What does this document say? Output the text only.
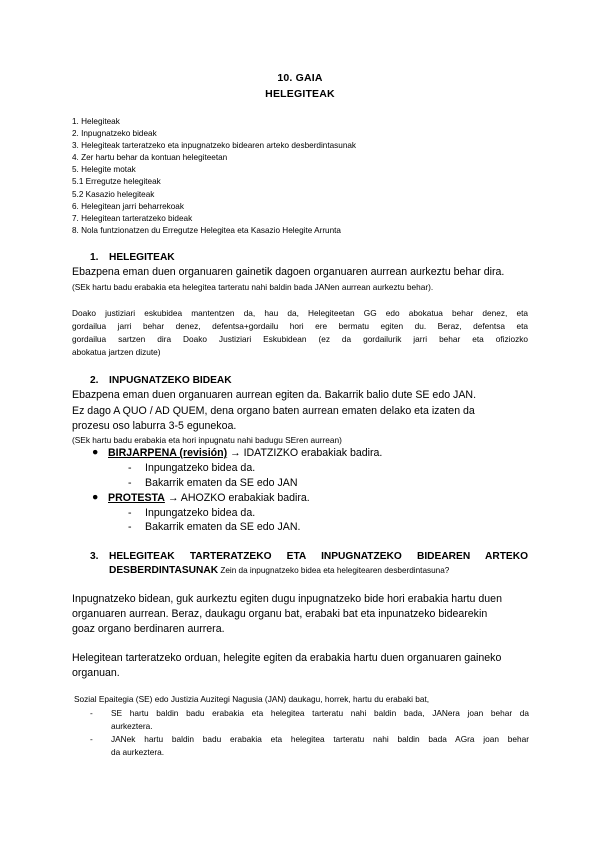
10. GAIA
HELEGITEAK
1. Helegiteak
2. Inpugnatzeko bideak
3. Helegiteak tarteratzeko eta inpugnatzeko bidearen arteko desberdintasunak
4. Zer hartu behar da kontuan helegiteetan
5. Helegite motak
5.1 Erregutze helegiteak
5.2 Kasazio helegiteak
6. Helegitean jarri beharrekoak
7. Helegitean tarteratzeko bideak
8. Nola funtzionatzen du Erregutze Helegitea eta Kasazio Helegite Arrunta
1. HELEGITEAK
Ebazpena eman duen organuaren gainetik dagoen organuaren aurrean aurkeztu behar dira.
(SEk hartu badu erabakia eta helegitea tarteratu nahi baldin bada JANen aurrean aurkeztu behar).
Doako justiziari eskubidea mantentzen da, hau da, Helegiteetan GG edo abokatua behar denez, eta
gordailua jarri behar denez, defentsa+gordailu hori ere bermatu egiten du. Beraz, defentsa eta
gordailua sartzen dira Doako Justiziari Eskubidean (ez da gordailurik jarri behar eta ofiziozko
abokatua jartzen dizute)
2. INPUGNATZEKO BIDEAK
Ebazpena eman duen organuaren aurrean egiten da. Bakarrik balio dute SE edo JAN.
Ez dago A QUO / AD QUEM, dena organo baten aurrean ematen delako eta izaten da
prozesu oso laburra 3-5 egunekoa.
(SEk hartu badu erabakia eta hori inpugnatu nahi badugu SEren aurrean)
● BIRJARPENA (revisión) → IDATZIZKO erabakiak badira.
- Inpungatzeko bidea da.
- Bakarrik ematen da SE edo JAN
● PROTESTA → AHOZKO erabakiak badira.
- Inpungatzeko bidea da.
- Bakarrik ematen da SE edo JAN.
3. HELEGITEAK TARTERATZEKO ETA INPUGNATZEKO BIDEAREN ARTEKO
DESBERDINTASUNAK Zein da inpugnatzeko bidea eta helegitearen desberdintasuna?
Inpugnatzeko bidean, guk aurkeztu egiten dugu inpugnatzeko bide hori erabakia hartu duen
organuaren aurrean. Beraz, daukagu organu bat, erabaki bat eta inpunatzeko bidearekin
goaz organo berdinaren aurrera.
Helegitean tarteratzeko orduan, helegite egiten da erabakia hartu duen organuaren gaineko
organuan.
Sozial Epaitegia (SE) edo Justizia Auzitegi Nagusia (JAN) daukagu, horrek, hartu du erabaki bat,
- SE hartu baldin badu erabakia eta helegitea tarteratu nahi baldin bada, JANera joan behar da
aurkeztera.
- JANek hartu baldin badu erabakia eta helegitea tarteratu nahi baldin bada AGra joan behar
da aurkeztera.
